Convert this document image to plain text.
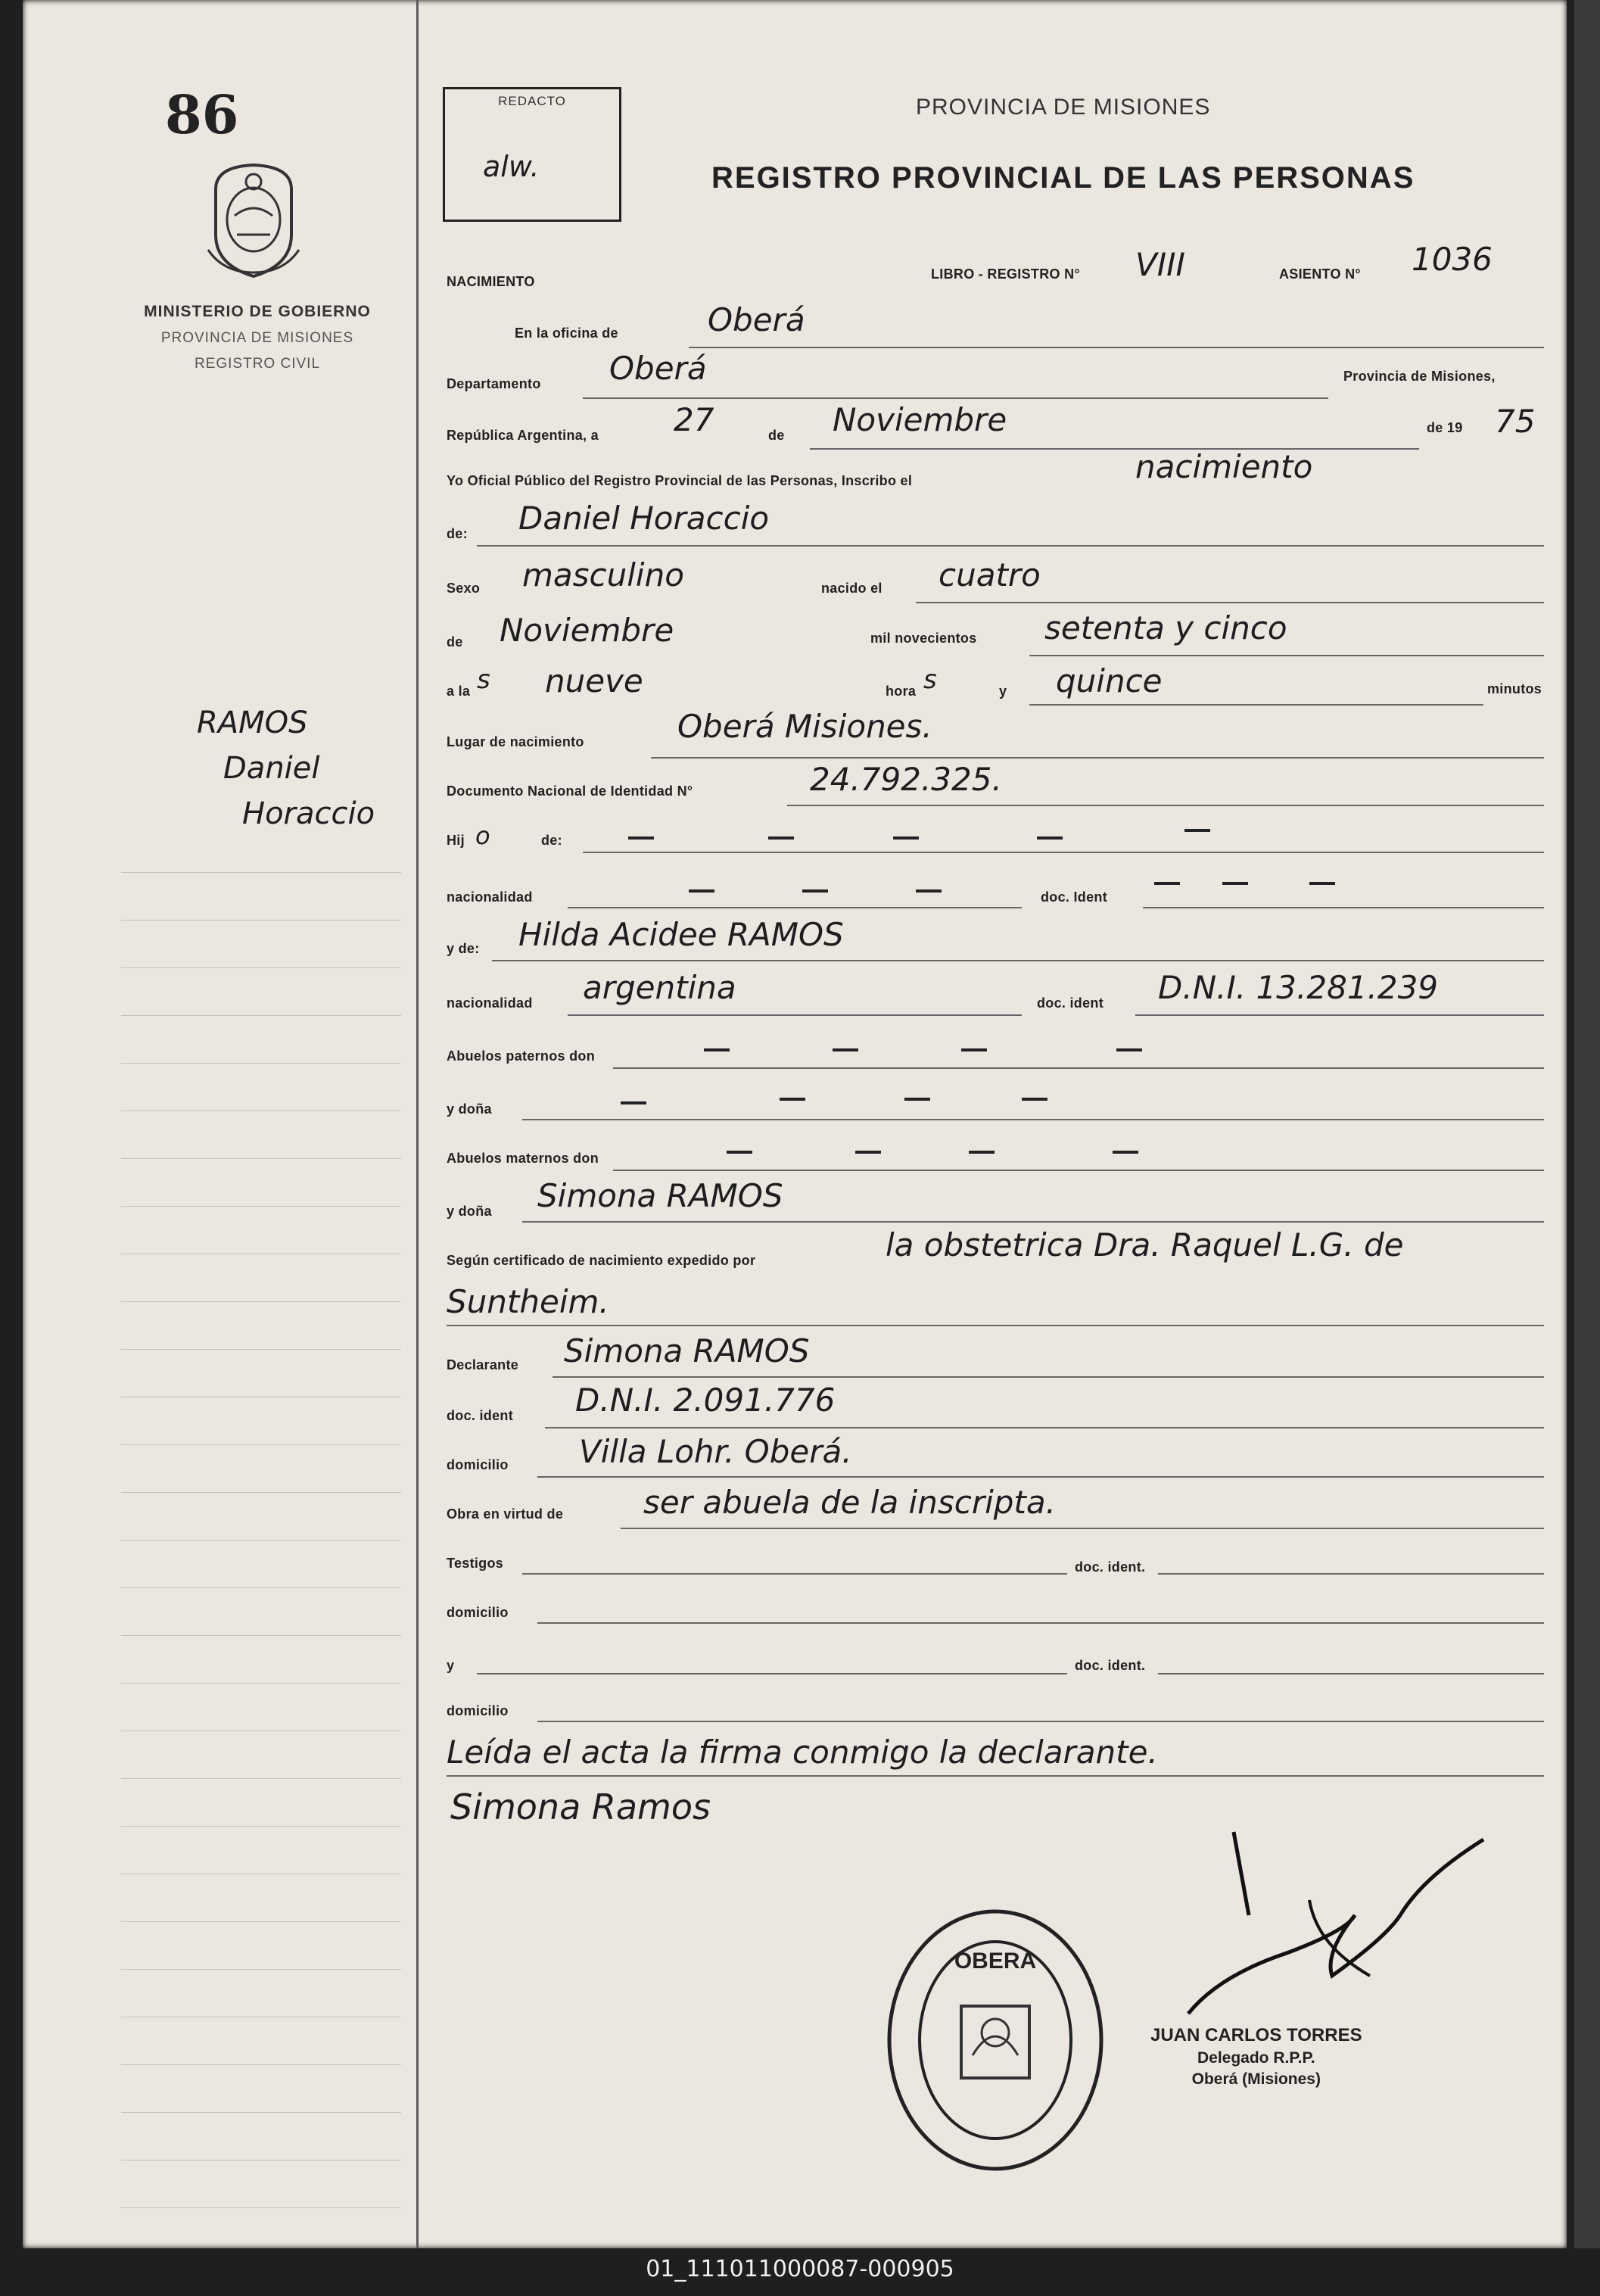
86
MINISTERIO DE GOBIERNO
PROVINCIA DE MISIONES
REGISTRO CIVIL
RAMOS
Daniel
Horaccio
REDACTO
alw.
PROVINCIA DE MISIONES
REGISTRO PROVINCIAL DE LAS PERSONAS
NACIMIENTO	LIBRO - REGISTRO N° VIII	ASIENTO N° 1036
En la oficina de	Oberá
Departamento Oberá	Provincia de Misiones,
República Argentina, a 27	de Noviembre	de 19 75
Yo Oficial Público del Registro Provincial de las Personas, Inscribo el	nacimiento
de: Daniel Horaccio
Sexo masculino	nacido el cuatro
de Noviembre	mil novecientos setenta y cinco
a la s nueve	hora s	y quince	minutos
Lugar de nacimiento	Oberá Misiones.
Documento Nacional de Identidad N°	24.792.325.
Hij o	de:
nacionalidad	doc. Ident
y de: Hilda Acidee RAMOS
nacionalidad argentina	doc. ident D.N.I. 13.281.239
Abuelos paternos don
y doña
Abuelos maternos don
y doña Simona RAMOS
Según certificado de nacimiento expedido por	la obstetrica Dra. Raquel L.G. de
Suntheim.
Declarante Simona RAMOS
doc. ident D.N.I. 2.091.776
domicilio Villa Lohr. Oberá.
Obra en virtud de	ser abuela de la inscripta.
Testigos	doc. ident.
domicilio
y	doc. ident.
domicilio
Leída el acta la firma conmigo la declarante.
Simona Ramos
OBERA
JUAN CARLOS TORRES
Delegado R.P.P.
Oberá (Misiones)
01_111011000087-000905
